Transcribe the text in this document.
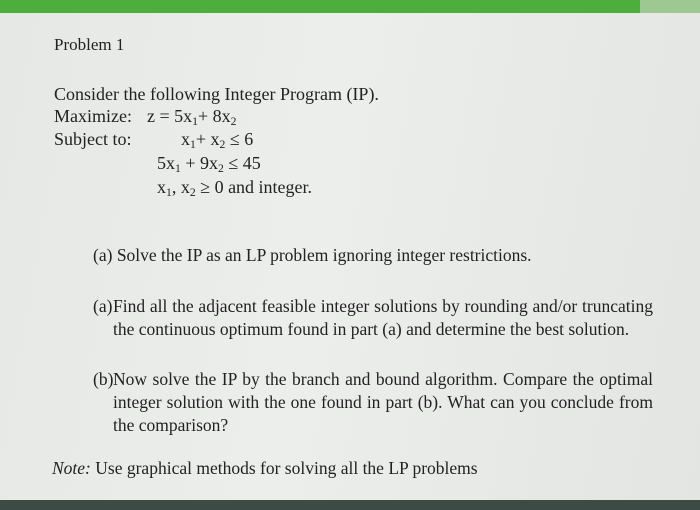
Problem 1
Consider the following Integer Program (IP).
Maximize: $z = 5x_1+ 8x_2$
Subject to:	$x_1+ x_2 \le 6$
$5x_1 + 9x_2 \le 45$
$x_1$, $x_2 \ge 0$ and integer.
(a) Solve the IP as an LP problem ignoring integer restrictions.
(a) Find all the adjacent feasible integer solutions by rounding and/or truncating the continuous optimum found in part (a) and determine the best solution.
(b) Now solve the IP by the branch and bound algorithm. Compare the optimal integer solution with the one found in part (b). What can you conclude from the comparison?
Note: Use graphical methods for solving all the LP problems
